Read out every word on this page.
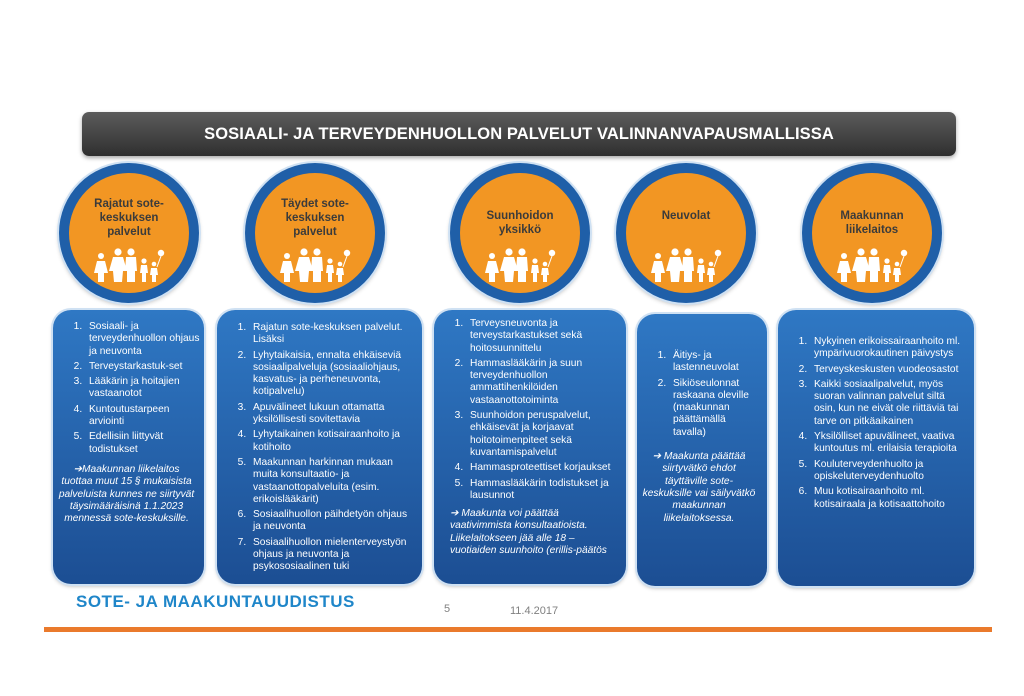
SOSIAALI- JA TERVEYDENHUOLLON PALVELUT VALINNANVAPAUSMALLISSA
Rajatut sote-keskuksen palvelut
Täydet sote-keskuksen palvelut
Suunhoidon yksikkö
Neuvolat	Maakunnan liikelaitos
1. Sosiaali- ja terveydenhuollon ohjaus ja neuvonta
2. Terveystarkastuk-set
3. Lääkärin ja hoitajien vastaanotot
4. Kuntoutustarpeen arviointi
5. Edellisiin liittyvät todistukset
➔Maakunnan liikelaitos tuottaa muut 15 § mukaisista palveluista kunnes ne siirtyvät täysimääräisinä 1.1.2023 mennessä sote-keskuksille.
1. Rajatun sote-keskuksen palvelut. Lisäksi
2. Lyhytaikaisia, ennalta ehkäiseviä sosiaalipalveluja (sosiaaliohjaus, kasvatus- ja perheneuvonta, kotipalvelu)
3. Apuvälineet lukuun ottamatta yksilöllisesti sovitettavia
4. Lyhytaikainen kotisairaanhoito ja kotihoito
5. Maakunnan harkinnan mukaan muita konsultaatio- ja vastaanottopalveluita (esim. erikoislääkärit)
6. Sosiaalihuollon päihdetyön ohjaus ja neuvonta
7. Sosiaalihuollon mielenterveystyön ohjaus ja neuvonta ja psykososiaalinen tuki
1. Terveysneuvonta ja terveystarkastukset sekä hoitosuunnittelu
2. Hammaslääkärin ja suun terveydenhuollon ammattihenkilöiden vastaanottotoiminta
3. Suunhoidon peruspalvelut, ehkäisevät ja korjaavat hoitotoimenpiteet sekä kuvantamispalvelut
4. Hammasproteettiset korjaukset
5. Hammaslääkärin todistukset ja lausunnot
➔ Maakunta voi päättää vaativimmista konsultaatioista. Liikelaitokseen jää alle 18 –vuotiaiden suunhoito (erillis-päätös
1. Äitiys- ja lastenneuvolat
2. Sikiöseulonnat raskaana oleville (maakunnan päättämällä tavalla)
➔ Maakunta päättää siirtyvätkö ehdot täyttäville sote-keskuksille vai säilyvätkö maakunnan liikelaitoksessa.
1. Nykyinen erikoissairaanhoito ml. ympärivuorokautinen päivystys
2. Terveyskeskusten vuodeosastot
3. Kaikki sosiaalipalvelut, myös suoran valinnan palvelut siltä osin, kun ne eivät ole riittäviä tai tarve on pitkäaikainen
4. Yksilölliset apuvälineet, vaativa kuntoutus ml. erilaisia terapioita
5. Kouluterveydenhuolto ja opiskeluterveydenhuolto
6. Muu kotisairaanhoito ml. kotisairaala ja kotisaattohoito
SOTE- JA MAAKUNTAUUDISTUS	5	11.4.2017
